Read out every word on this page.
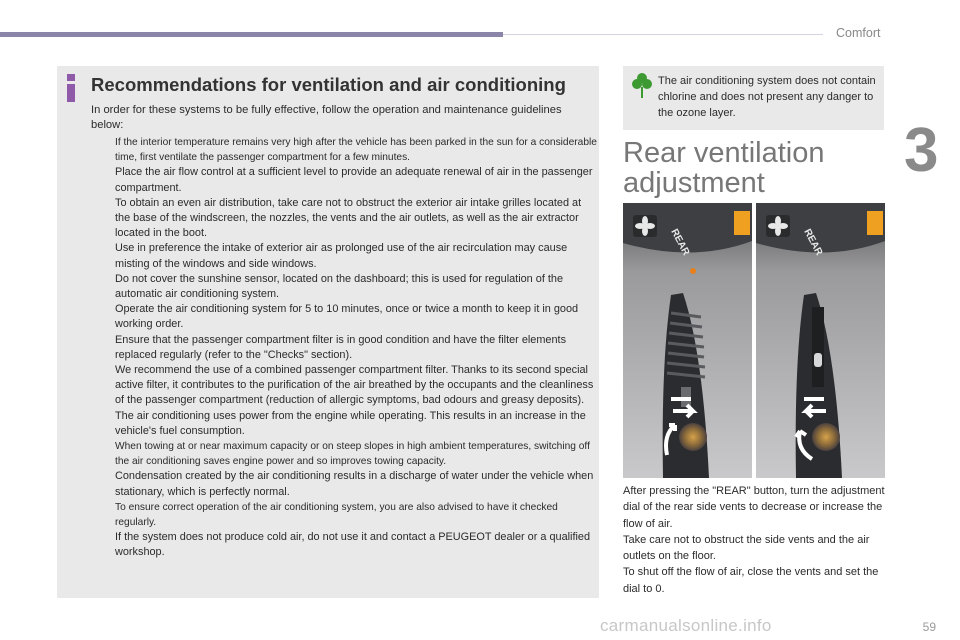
Comfort
3
Recommendations for ventilation and air conditioning

In order for these systems to be fully effective, follow the operation and maintenance guidelines below:

If the interior temperature remains very high after the vehicle has been parked in the sun for a considerable time, first ventilate the passenger compartment for a few minutes.

Place the air flow control at a sufficient level to provide an adequate renewal of air in the passenger compartment.

To obtain an even air distribution, take care not to obstruct the exterior air intake grilles located at the base of the windscreen, the nozzles, the vents and the air outlets, as well as the air extractor located in the boot.

Use in preference the intake of exterior air as prolonged use of the air recirculation may cause misting of the windows and side windows.

Do not cover the sunshine sensor, located on the dashboard; this is used for regulation of the automatic air conditioning system.

Operate the air conditioning system for 5 to 10 minutes, once or twice a month to keep it in good working order.

Ensure that the passenger compartment filter is in good condition and have the filter elements replaced regularly (refer to the "Checks" section).

We recommend the use of a combined passenger compartment filter. Thanks to its second special active filter, it contributes to the purification of the air breathed by the occupants and the cleanliness of the passenger compartment (reduction of allergic symptoms, bad odours and greasy deposits).

The air conditioning uses power from the engine while operating. This results in an increase in the vehicle's fuel consumption.

When towing at or near maximum capacity or on steep slopes in high ambient temperatures, switching off the air conditioning saves engine power and so improves towing capacity.

Condensation created by the air conditioning results in a discharge of water under the vehicle when stationary, which is perfectly normal.

To ensure correct operation of the air conditioning system, you are also advised to have it checked regularly.

If the system does not produce cold air, do not use it and contact a PEUGEOT dealer or a qualified workshop.

The air conditioning system does not contain chlorine and does not present any danger to the ozone layer.

Rear ventilation adjustment
REAR	REAR

After pressing the "REAR" button, turn the adjustment dial of the rear side vents to decrease or increase the flow of air.

Take care not to obstruct the side vents and the air outlets on the floor.

To shut off the flow of air, close the vents and set the dial to 0.

carmanualsonline.info	59
